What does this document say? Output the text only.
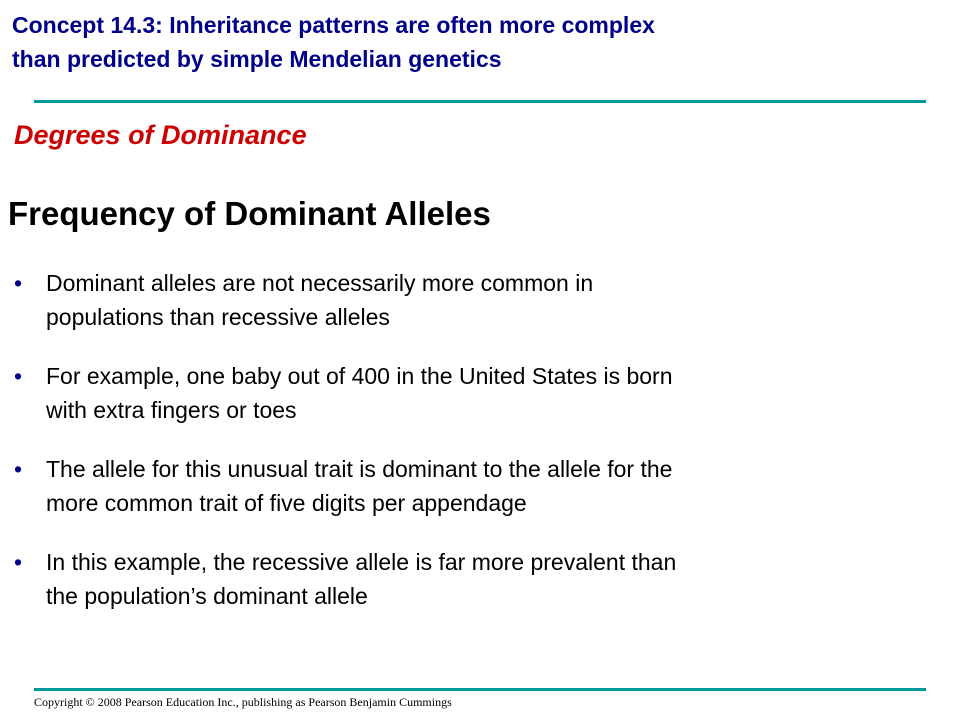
Concept 14.3: Inheritance patterns are often more complex
than predicted by simple Mendelian genetics
Degrees of Dominance
Frequency of Dominant Alleles
• Dominant alleles are not necessarily more common in
populations than recessive alleles
• For example, one baby out of 400 in the United States is born
with extra fingers or toes
• The allele for this unusual trait is dominant to the allele for the
more common trait of five digits per appendage
• In this example, the recessive allele is far more prevalent than
the population’s dominant allele
Copyright © 2008 Pearson Education Inc., publishing as Pearson Benjamin Cummings
